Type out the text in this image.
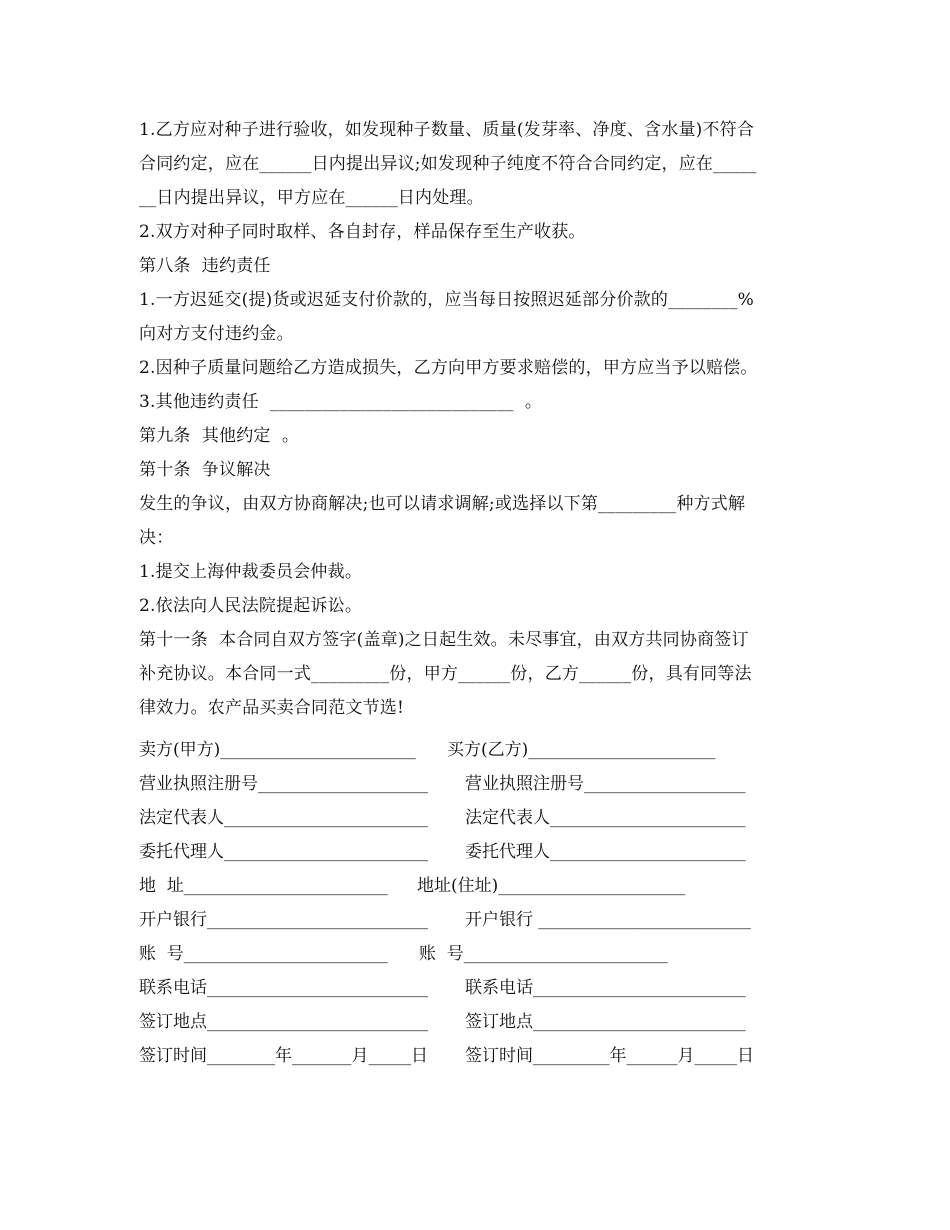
1.乙方应对种子进行验收，如发现种子数量、质量(发芽率、净度、含水量)不符合

合同约定，应在______日内提出异议;如发现种子纯度不符合合同约定，应在_____

__日内提出异议，甲方应在______日内处理。

2.双方对种子同时取样、各自封存，样品保存至生产收获。

第八条  违约责任

1.一方迟延交(提)货或迟延支付价款的，应当每日按照迟延部分价款的________%

向对方支付违约金。

2.因种子质量问题给乙方造成损失，乙方向甲方要求赔偿的，甲方应当予以赔偿。

3.其他违约责任  ____________________________  。

第九条  其他约定  。

第十条  争议解决

发生的争议，由双方协商解决;也可以请求调解;或选择以下第_________种方式解

决：

1.提交上海仲裁委员会仲裁。

2.依法向人民法院提起诉讼。

第十一条  本合同自双方签字(盖章)之日起生效。未尽事宜，由双方共同协商签订

补充协议。本合同一式_________份，甲方______份，乙方______份，具有同等法

律效力。农产品买卖合同范文节选!

卖方(甲方)_______________________

买方(乙方)______________________

营业执照注册号____________________

营业执照注册号___________________

法定代表人________________________

法定代表人_______________________

委托代理人________________________

委托代理人_______________________

地  址________________________

地址(住址)______________________

开户银行__________________________

开户银行 _________________________

账  号________________________

账  号________________________

联系电话__________________________

联系电话_________________________

签订地点__________________________

签订地点_________________________

签订时间________年_______月_____日

签订时间_________年______月_____日
